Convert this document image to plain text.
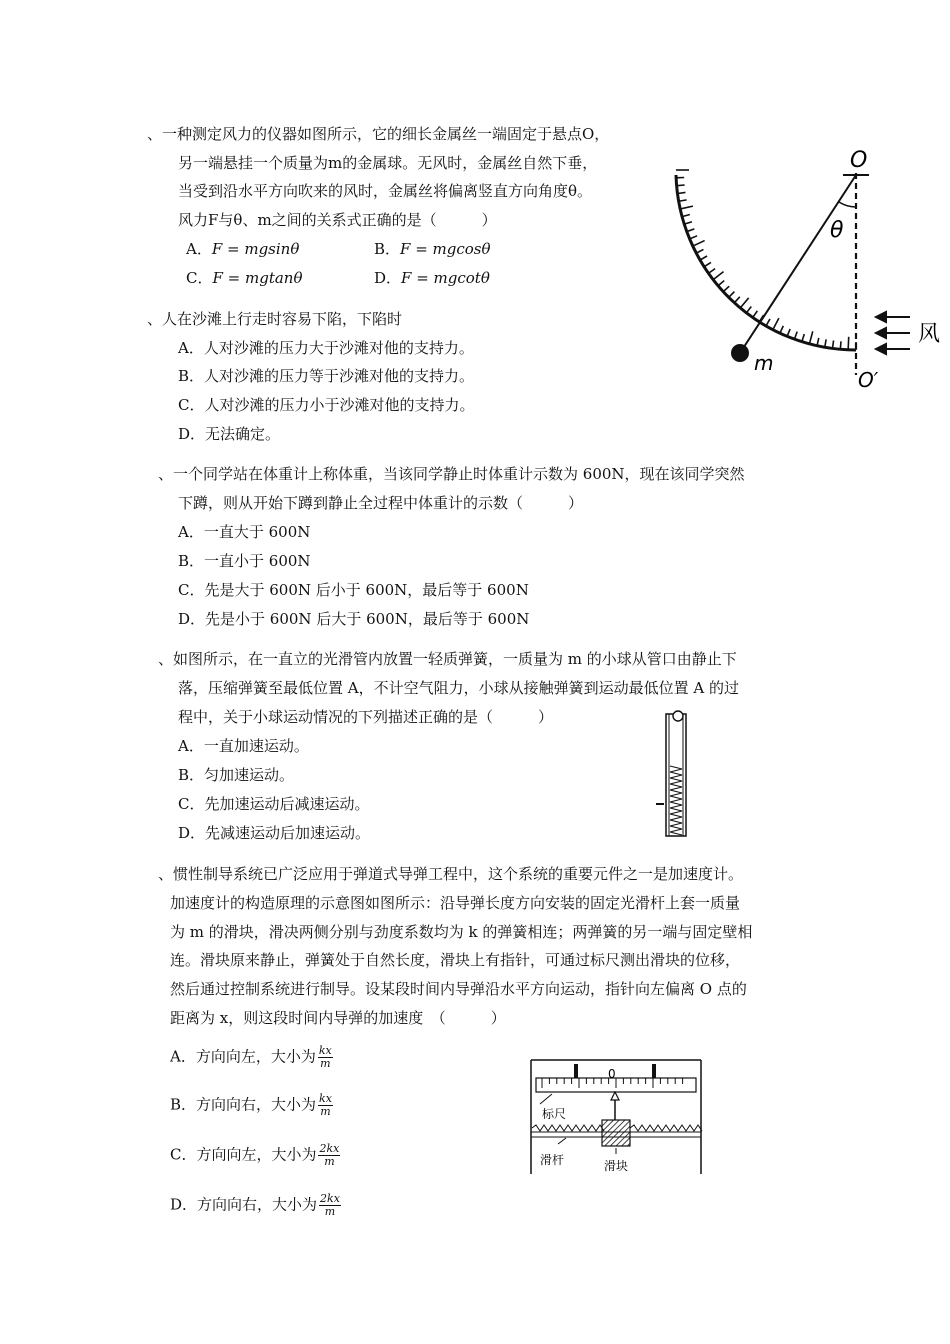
、一种测定风力的仪器如图所示，它的细长金属丝一端固定于悬点O，
另一端悬挂一个质量为m的金属球。无风时，金属丝自然下垂，
当受到沿水平方向吹来的风时，金属丝将偏离竖直方向角度θ。
风力F与θ、m之间的关系式正确的是（　　　）
A．F = mgsinθ	B．F = mgcosθ
C．F = mgtanθ	D．F = mgcotθ
O
θ
m
O′
风
、人在沙滩上行走时容易下陷，下陷时
A．人对沙滩的压力大于沙滩对他的支持力。
B．人对沙滩的压力等于沙滩对他的支持力。
C．人对沙滩的压力小于沙滩对他的支持力。
D．无法确定。
、一个同学站在体重计上称体重，当该同学静止时体重计示数为 600N，现在该同学突然
下蹲，则从开始下蹲到静止全过程中体重计的示数（　　　）
A．一直大于 600N
B．一直小于 600N
C．先是大于 600N 后小于 600N，最后等于 600N
D．先是小于 600N 后大于 600N，最后等于 600N
、如图所示，在一直立的光滑管内放置一轻质弹簧，一质量为 m 的小球从管口由静止下
落，压缩弹簧至最低位置 A，不计空气阻力，小球从接触弹簧到运动最低位置 A 的过
程中，关于小球运动情况的下列描述正确的是（　　　）
A．一直加速运动。
B．匀加速运动。
C．先加速运动后减速运动。
D．先减速运动后加速运动。
、惯性制导系统已广泛应用于弹道式导弹工程中，这个系统的重要元件之一是加速度计。
加速度计的构造原理的示意图如图所示：沿导弹长度方向安装的固定光滑杆上套一质量
为 m 的滑块，滑决两侧分别与劲度系数均为 k 的弹簧相连；两弹簧的另一端与固定壁相
连。滑块原来静止，弹簧处于自然长度，滑块上有指针，可通过标尺测出滑块的位移，
然后通过控制系统进行制导。设某段时间内导弹沿水平方向运动，指针向左偏离 O 点的
距离为 x，则这段时间内导弹的加速度　（　　　）
A．方向向左，大小为 $\frac{kx}{m}$
B．方向向右，大小为 $\frac{kx}{m}$
C．方向向左，大小为 $\frac{2kx}{m}$
D．方向向右，大小为 $\frac{2kx}{m}$
0
标尺
滑杆	滑块
